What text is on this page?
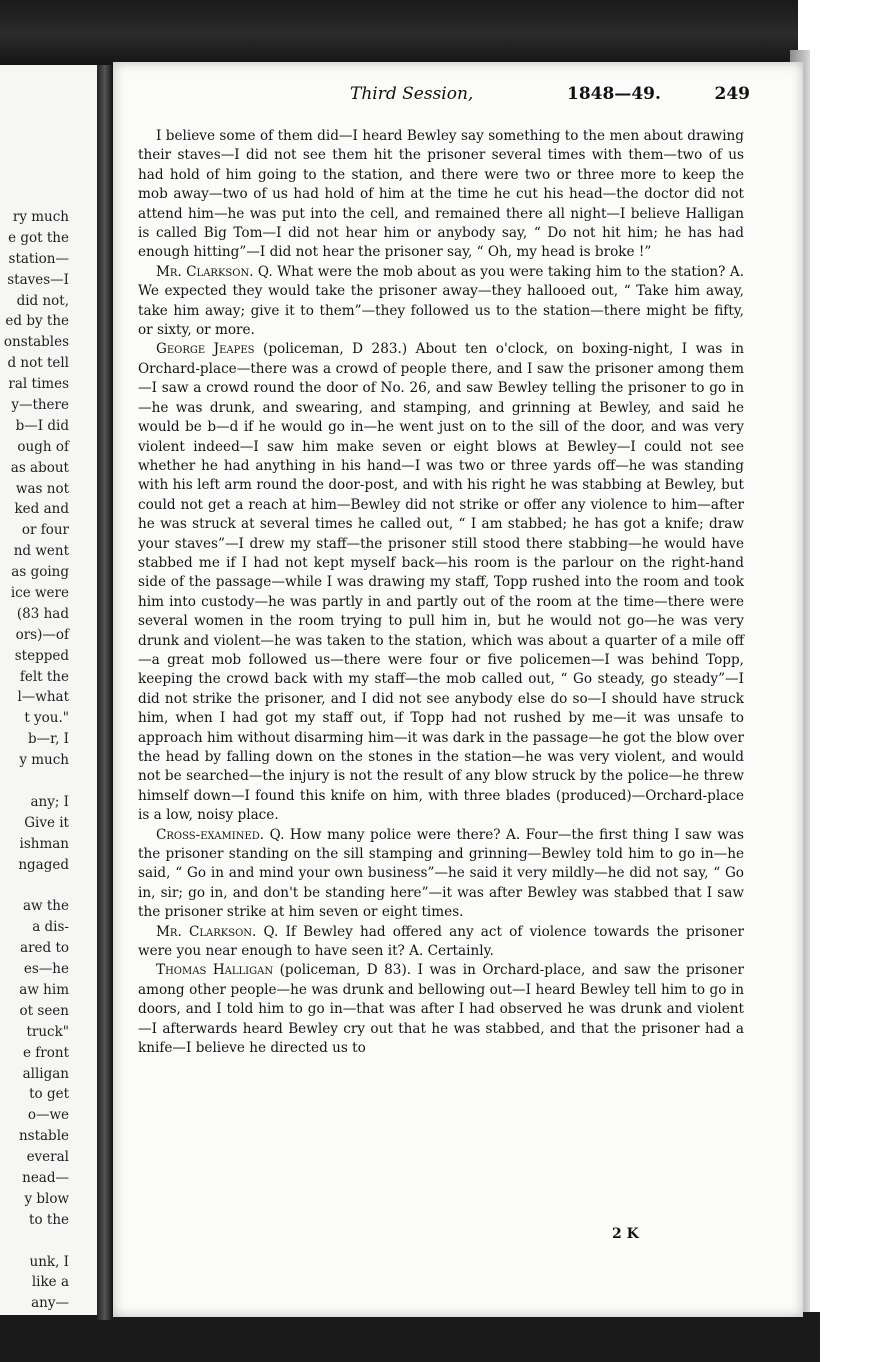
ry much
e got the
station—
staves—I
did not,
ed by the
onstables
d not tell
ral times
y—there
b—I did
ough of
as about
was not
ked and
or four
nd went
as going
ice were
(83 had
ors)—of
stepped
felt the
l—what
t you."
b—r, I
y much
any; I
Give it
ishman
ngaged
aw the
a dis-
ared to
es—he
aw him
ot seen
truck"
e front
alligan
to get
o—we
nstable
everal
nead—
y blow
to the
unk, I
like a
any—
Third Session,	1848—49.	249

I believe some of them did—I heard Bewley say something to the men about drawing their staves—I did not see them hit the prisoner several times with them—two of us had hold of him going to the station, and there were two or three more to keep the mob away—two of us had hold of him at the time he cut his head—the doctor did not attend him—he was put into the cell, and remained there all night—I believe Halligan is called Big Tom—I did not hear him or anybody say, “ Do not hit him; he has had enough hitting”—I did not hear the prisoner say, “ Oh, my head is broke !”

Mr. Clarkson. Q. What were the mob about as you were taking him to the station? A. We expected they would take the prisoner away—they hallooed out, “ Take him away, take him away; give it to them”—they followed us to the station—there might be fifty, or sixty, or more.

George Jeapes (policeman, D 283.) About ten o'clock, on boxing-night, I was in Orchard-place—there was a crowd of people there, and I saw the prisoner among them—I saw a crowd round the door of No. 26, and saw Bewley telling the prisoner to go in—he was drunk, and swearing, and stamping, and grinning at Bewley, and said he would be b—d if he would go in—he went just on to the sill of the door, and was very violent indeed—I saw him make seven or eight blows at Bewley—I could not see whether he had anything in his hand—I was two or three yards off—he was standing with his left arm round the door-post, and with his right he was stabbing at Bewley, but could not get a reach at him—Bewley did not strike or offer any violence to him—after he was struck at several times he called out, “ I am stabbed; he has got a knife; draw your staves”—I drew my staff—the prisoner still stood there stabbing—he would have stabbed me if I had not kept myself back—his room is the parlour on the right-hand side of the passage—while I was drawing my staff, Topp rushed into the room and took him into custody—he was partly in and partly out of the room at the time—there were several women in the room trying to pull him in, but he would not go—he was very drunk and violent—he was taken to the station, which was about a quarter of a mile off—a great mob followed us—there were four or five policemen—I was behind Topp, keeping the crowd back with my staff—the mob called out, “ Go steady, go steady”—I did not strike the prisoner, and I did not see anybody else do so—I should have struck him, when I had got my staff out, if Topp had not rushed by me—it was unsafe to approach him without disarming him—it was dark in the passage—he got the blow over the head by falling down on the stones in the station—he was very violent, and would not be searched—the injury is not the result of any blow struck by the police—he threw himself down—I found this knife on him, with three blades (produced)—Orchard-place is a low, noisy place.

Cross-examined. Q. How many police were there? A. Four—the first thing I saw was the prisoner standing on the sill stamping and grinning—Bewley told him to go in—he said, “ Go in and mind your own business”—he said it very mildly—he did not say, “ Go in, sir; go in, and don't be standing here”—it was after Bewley was stabbed that I saw the prisoner strike at him seven or eight times.

Mr. Clarkson. Q. If Bewley had offered any act of violence towards the prisoner were you near enough to have seen it? A. Certainly.

Thomas Halligan (policeman, D 83). I was in Orchard-place, and saw the prisoner among other people—he was drunk and bellowing out—I heard Bewley tell him to go in doors, and I told him to go in—that was after I had observed he was drunk and violent—I afterwards heard Bewley cry out that he was stabbed, and that the prisoner had a knife—I believe he directed us to

2 K
